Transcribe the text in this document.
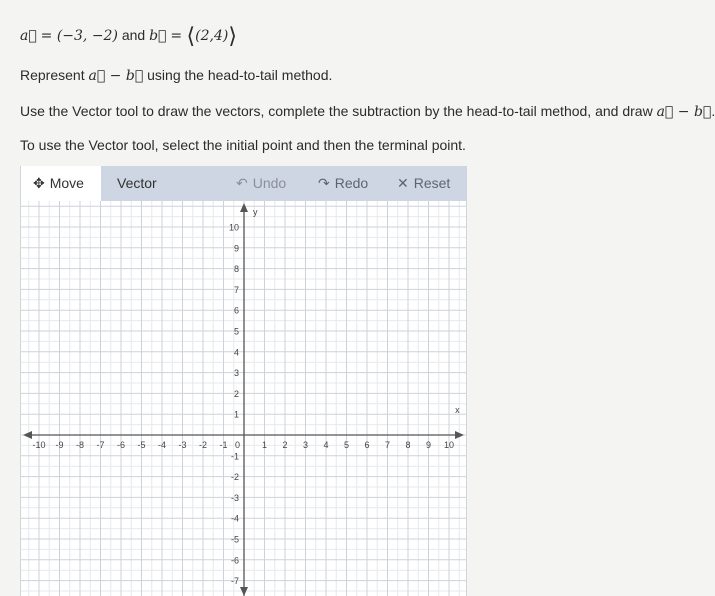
a = (−3, −2) and b = ⟨(2,4)⟩
Represent a⃗ − b using the head-to-tail method.
Use the Vector tool to draw the vectors, complete the subtraction by the head-to-tail method, and draw a⃗ − b.
To use the Vector tool, select the initial point and then the terminal point.
✥ Move	Vector	↶ Undo ↷ Redo ✕ Reset
x
y
0
-10 -9 -8 -7 -6 -5 -4 -3 -2 -1	1 2 3 4 5 6 7 8 9 10
10
9
8
7
6
5
4
3
2
1
-1
-2
-3
-4
-5
-6
-7
